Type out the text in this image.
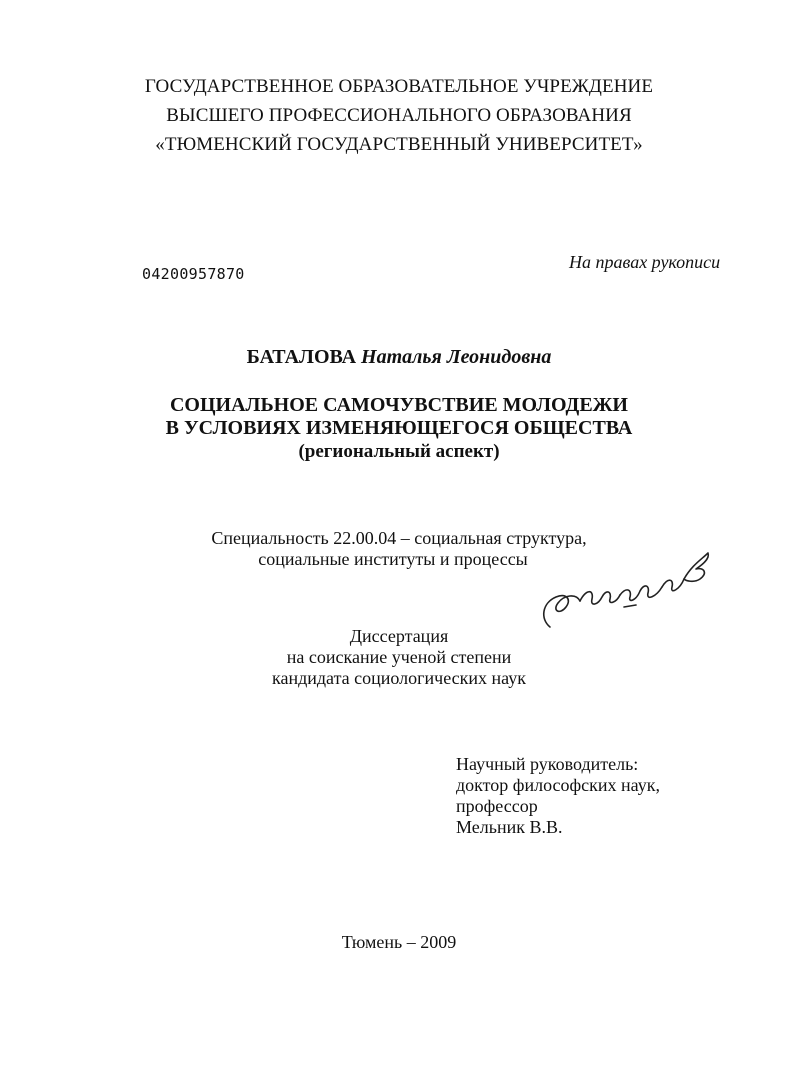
ГОСУДАРСТВЕННОЕ ОБРАЗОВАТЕЛЬНОЕ УЧРЕЖДЕНИЕ
ВЫСШЕГО ПРОФЕССИОНАЛЬНОГО ОБРАЗОВАНИЯ
«ТЮМЕНСКИЙ ГОСУДАРСТВЕННЫЙ УНИВЕРСИТЕТ»
04200957870
На правах рукописи
БАТАЛОВА Наталья Леонидовна
СОЦИАЛЬНОЕ САМОЧУВСТВИЕ МОЛОДЕЖИ
В УСЛОВИЯХ ИЗМЕНЯЮЩЕГОСЯ ОБЩЕСТВА
(региональный аспект)
Специальность 22.00.04 – социальная структура,
социальные институты и процессы
Диссертация
на соискание ученой степени
кандидата социологических наук
Научный руководитель:
доктор философских наук,
профессор
Мельник В.В.
Тюмень – 2009
